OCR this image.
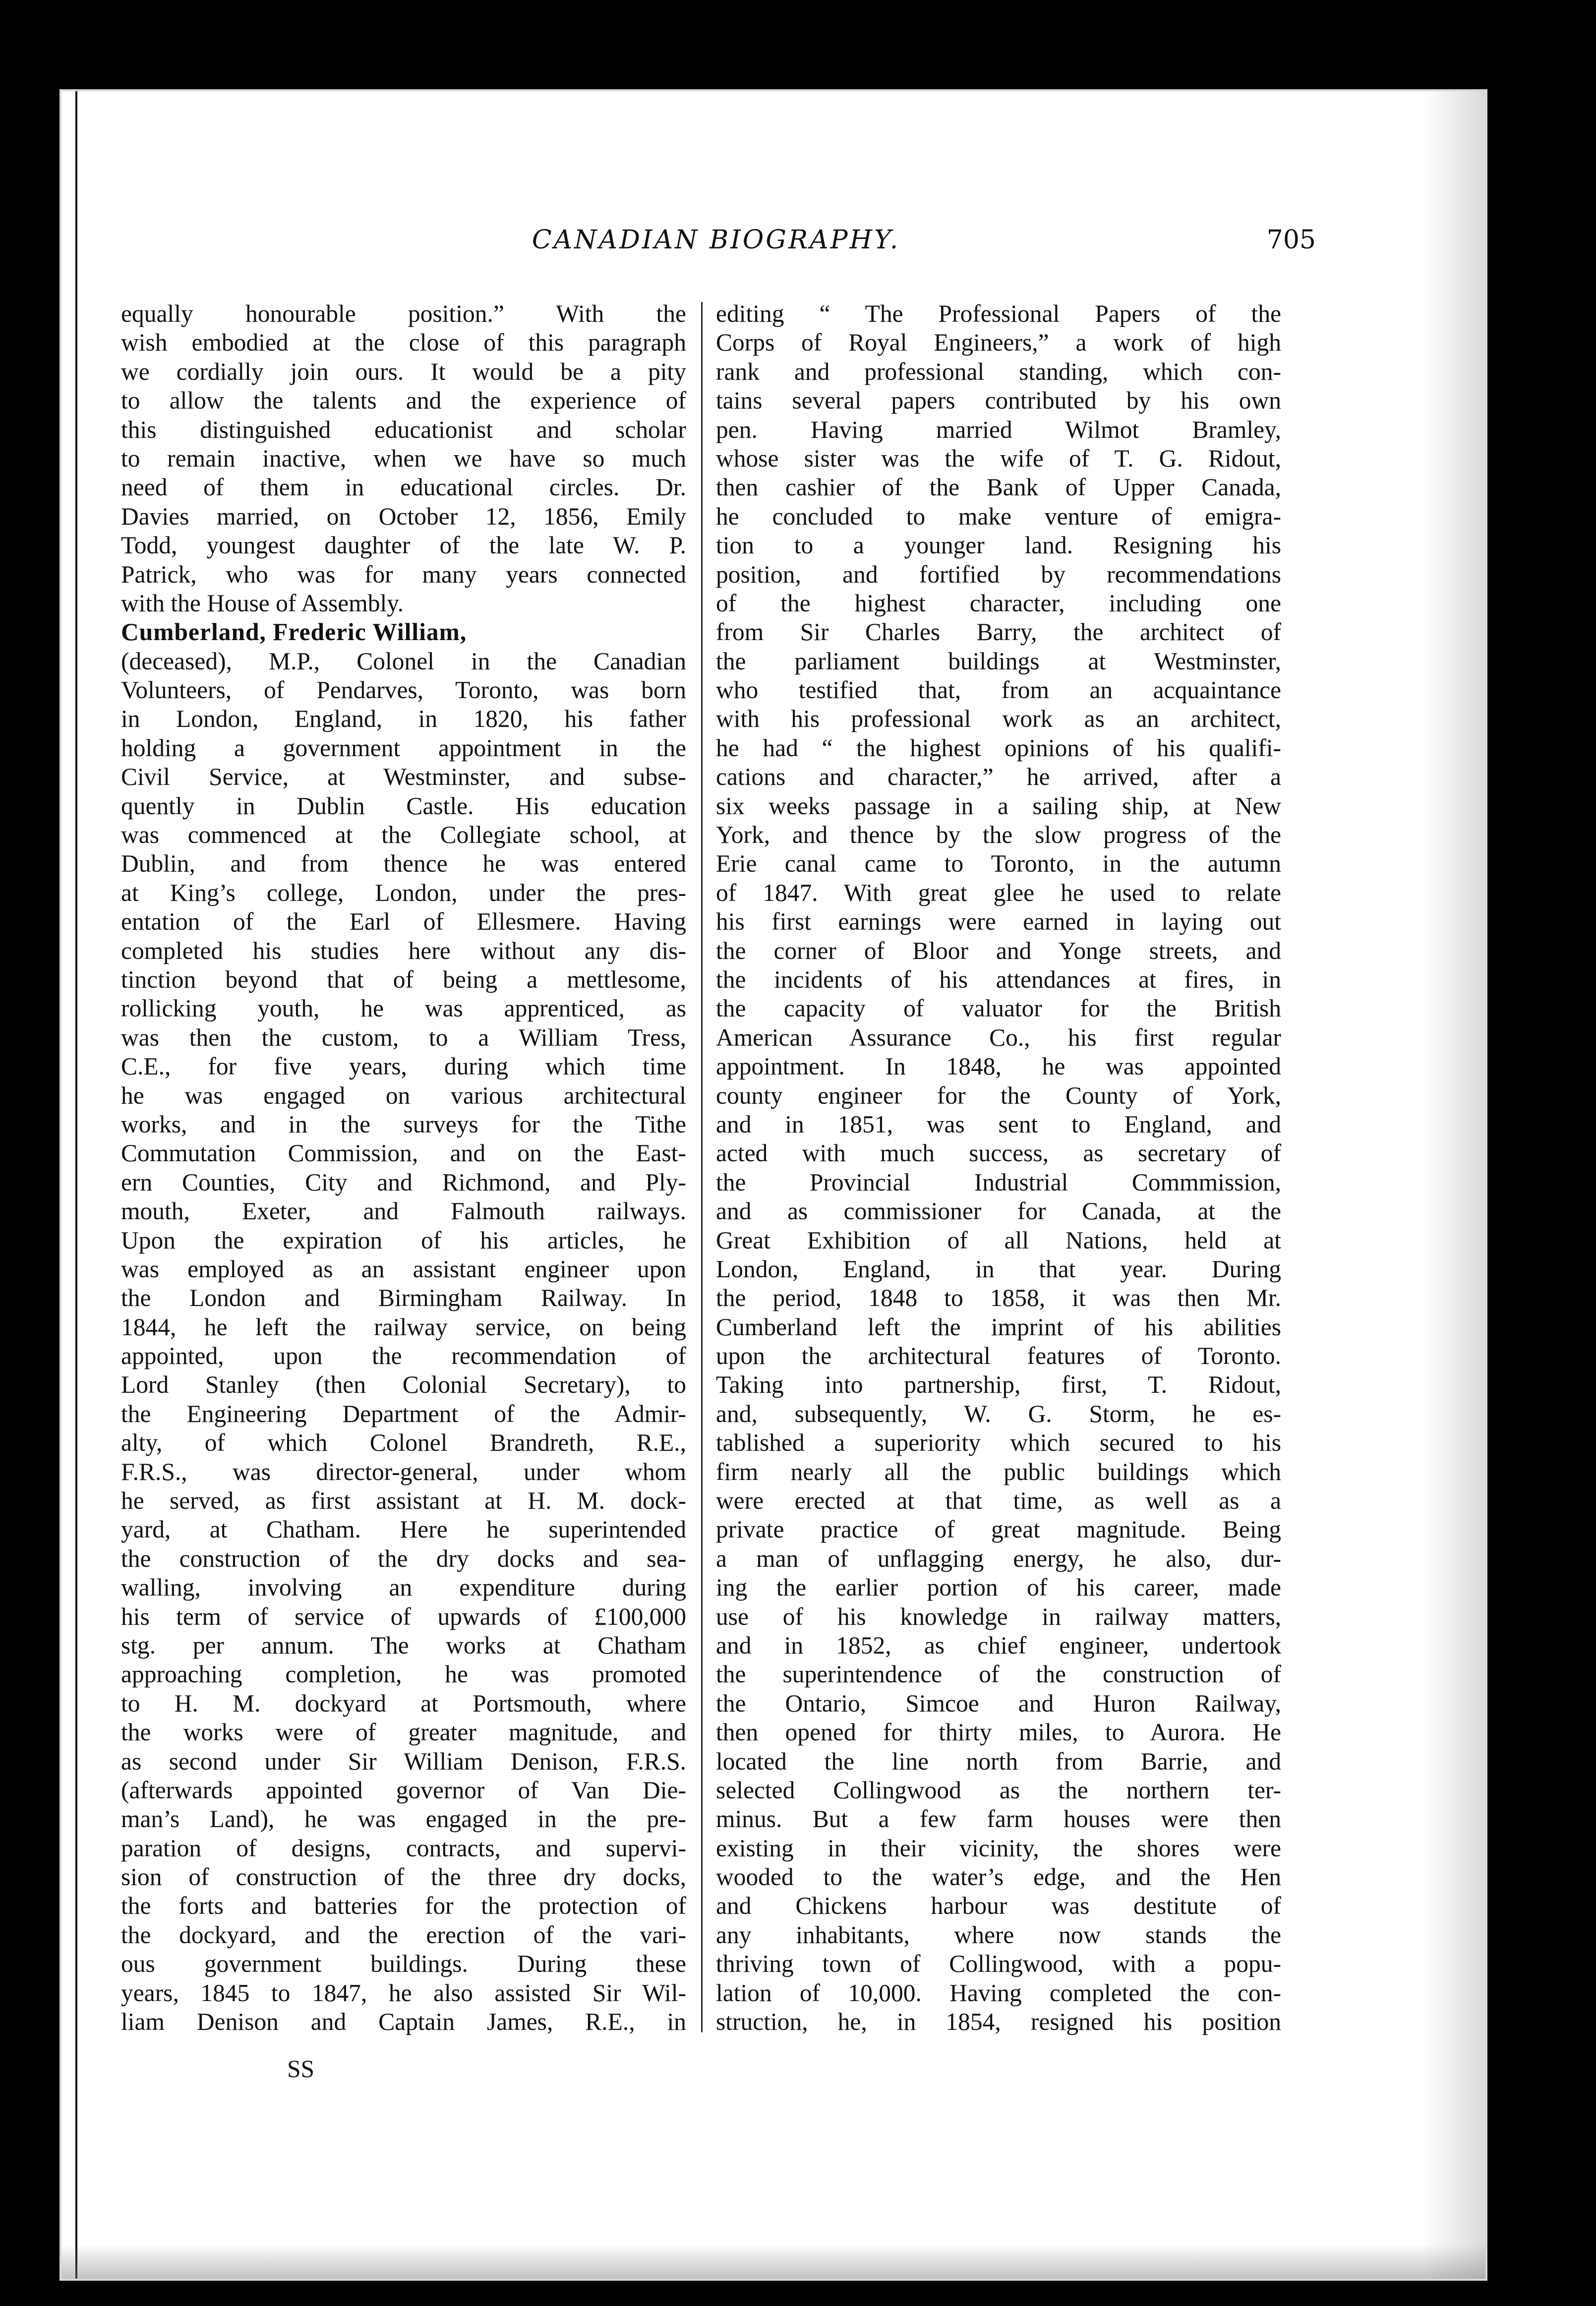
CANADIAN BIOGRAPHY.	705
equally honourable position.” With the
wish embodied at the close of this paragraph
we cordially join ours. It would be a pity
to allow the talents and the experience of
this distinguished educationist and scholar
to remain inactive, when we have so much
need of them in educational circles. Dr.
Davies married, on October 12, 1856, Emily
Todd, youngest daughter of the late W. P.
Patrick, who was for many years connected
with the House of Assembly.
Cumberland, Frederic William,
(deceased), M.P., Colonel in the Canadian
Volunteers, of Pendarves, Toronto, was born
in London, England, in 1820, his father
holding a government appointment in the
Civil Service, at Westminster, and subse-
quently in Dublin Castle. His education
was commenced at the Collegiate school, at
Dublin, and from thence he was entered
at King’s college, London, under the pres-
entation of the Earl of Ellesmere. Having
completed his studies here without any dis-
tinction beyond that of being a mettlesome,
rollicking youth, he was apprenticed, as
was then the custom, to a William Tress,
C.E., for five years, during which time
he was engaged on various architectural
works, and in the surveys for the Tithe
Commutation Commission, and on the East-
ern Counties, City and Richmond, and Ply-
mouth, Exeter, and Falmouth railways.
Upon the expiration of his articles, he
was employed as an assistant engineer upon
the London and Birmingham Railway. In
1844, he left the railway service, on being
appointed, upon the recommendation of
Lord Stanley (then Colonial Secretary), to
the Engineering Department of the Admir-
alty, of which Colonel Brandreth, R.E.,
F.R.S., was director-general, under whom
he served, as first assistant at H. M. dock-
yard, at Chatham. Here he superintended
the construction of the dry docks and sea-
walling, involving an expenditure during
his term of service of upwards of £100,000
stg. per annum. The works at Chatham
approaching completion, he was promoted
to H. M. dockyard at Portsmouth, where
the works were of greater magnitude, and
as second under Sir William Denison, F.R.S.
(afterwards appointed governor of Van Die-
man’s Land), he was engaged in the pre-
paration of designs, contracts, and supervi-
sion of construction of the three dry docks,
the forts and batteries for the protection of
the dockyard, and the erection of the vari-
ous government buildings. During these
years, 1845 to 1847, he also assisted Sir Wil-
liam Denison and Captain James, R.E., in
editing “ The Professional Papers of the
Corps of Royal Engineers,” a work of high
rank and professional standing, which con-
tains several papers contributed by his own
pen. Having married Wilmot Bramley,
whose sister was the wife of T. G. Ridout,
then cashier of the Bank of Upper Canada,
he concluded to make venture of emigra-
tion to a younger land. Resigning his
position, and fortified by recommendations
of the highest character, including one
from Sir Charles Barry, the architect of
the parliament buildings at Westminster,
who testified that, from an acquaintance
with his professional work as an architect,
he had “ the highest opinions of his qualifi-
cations and character,” he arrived, after a
six weeks passage in a sailing ship, at New
York, and thence by the slow progress of the
Erie canal came to Toronto, in the autumn
of 1847. With great glee he used to relate
his first earnings were earned in laying out
the corner of Bloor and Yonge streets, and
the incidents of his attendances at fires, in
the capacity of valuator for the British
American Assurance Co., his first regular
appointment. In 1848, he was appointed
county engineer for the County of York,
and in 1851, was sent to England, and
acted with much success, as secretary of
the Provincial Industrial Commmission,
and as commissioner for Canada, at the
Great Exhibition of all Nations, held at
London, England, in that year. During
the period, 1848 to 1858, it was then Mr.
Cumberland left the imprint of his abilities
upon the architectural features of Toronto.
Taking into partnership, first, T. Ridout,
and, subsequently, W. G. Storm, he es-
tablished a superiority which secured to his
firm nearly all the public buildings which
were erected at that time, as well as a
private practice of great magnitude. Being
a man of unflagging energy, he also, dur-
ing the earlier portion of his career, made
use of his knowledge in railway matters,
and in 1852, as chief engineer, undertook
the superintendence of the construction of
the Ontario, Simcoe and Huron Railway,
then opened for thirty miles, to Aurora. He
located the line north from Barrie, and
selected Collingwood as the northern ter-
minus. But a few farm houses were then
existing in their vicinity, the shores were
wooded to the water’s edge, and the Hen
and Chickens harbour was destitute of
any inhabitants, where now stands the
thriving town of Collingwood, with a popu-
lation of 10,000. Having completed the con-
struction, he, in 1854, resigned his position
SS
